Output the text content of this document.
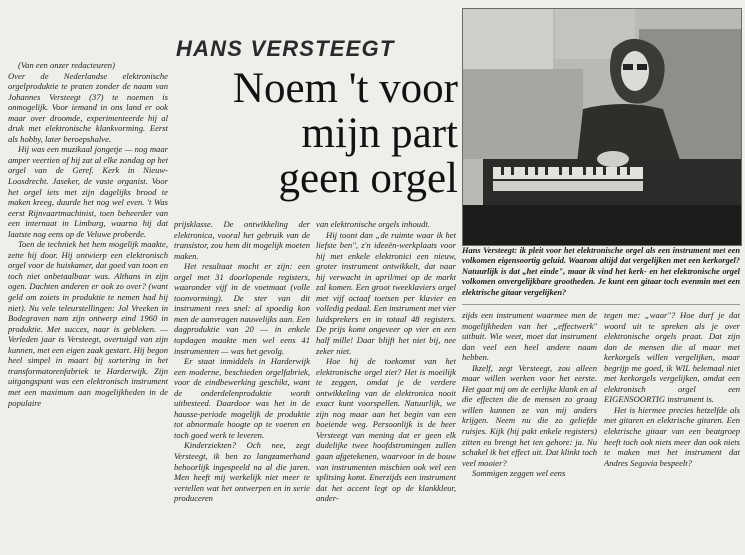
(Van een onzer redacteuren)

Over de Nederlandse elektronische orgelproduktie te praten zonder de naam van Johannes Versteegt (37) te noemen is onmogelijk. Voor iemand in ons land er ook maar over droomde, experimenteerde hij al druk met elektronische klankvorming. Eerst als hobby, later beroepshalve.

Hij was een muzikaal jongetje — nog maar amper veertien of hij zat al elke zondag op het orgel van de Geref. Kerk in Nieuw-Loosdrecht. Jaseker, de vaste organist. Voor het orgel iets met zijn dagelijks brood te maken kreeg, duurde het nog wel even. 't Was eerst Rijnvaartmachinist, toen beheerder van een internaat in Limburg, waarna hij dat laatste nog eens op de Veluwe proberde.

Toen de techniek het hem mogelijk maakte, zette hij door. Hij ontwierp een elektronisch orgel voor de huiskamer, dat goed van toon en toch niet onbetaalbaar was. Althans in zijn ogen. Dachten anderen er ook zo over? (want geld om zoiets in produktie te nemen had hij niet). Nu vele teleurstellingen: Jol Vreeken in Bodegraven nam zijn ontwerp eind 1960 in produktie. Met succes, naar is gebleken. — Verleden jaar is Versteegt, overtuigd van zijn kunnen, met een eigen zaak gestart. Hij begon heel simpel in maart bij sortering in het transformatorenfabriek te Harderwijk. Zijn uitgangspunt was een elektronisch instrument met een maximum aan mogelijkheden in de populaire

HANS VERSTEEGT
Noem 't voor
mijn part
geen orgel

prijsklasse. De ontwikkeling der elektronica, vooral het gebruik van de transistor, zou hem dit mogelijk moeten maken.

Het resultaat mocht er zijn: een orgel met 31 doorlopende registers, waaronder vijf in de voetmaat (volle toonvorming). De ster van dit instrument rees snel: al spoedig kon men de aanvragen nauwelijks aan. Een dagproduktie van 20 — in enkele topdagen maakte men wel eens 41 instrumenten — was het gevolg.

Er staat inmiddels in Harderwijk een moderne, beschieden orgelfabriek, voor de eindbewerking geschikt, want de onderdelenproduktie wordt uitbesteed. Daardoor was het in de hausse-periode mogelijk de produktie tot abnormale hoogte op te voeren en toch goed werk te leveren.

Kinderziekten? Och nee, zegt Versteegt, ik ben zo langzamerhand behoorlijk ingespeeld na al die jaren. Men heeft mij werkelijk niet meer te vertellen wat het ontwerpen en in serie produceren

van elektronische orgels inhoudt.

Hij toont dan „de ruimte waar ik het liefste ben", z'n ideeën-werkplaats voor hij met enkele elektronici een nieuw, groter instrument ontwikkelt, dat naar hij verwacht in april/mei op de markt zal komen. Een groot tweeklaviers orgel met vijf octaaf toetsen per klavier en volledig pedaal. Een instrument met vier luidsprekers en in totaal 48 registers. De prijs komt ongeveer op vier en een half mille! Daar blijft het niet bij, nee zeker niet.

Hoe hij de toekomst van het elektronische orgel ziet? Het is moeilijk te zeggen, omdat je de verdere ontwikkeling van de elektronica nooit exact kunt voorspellen. Natuurlijk, we zijn nog maar aan het begin van een boeiende weg. Persoonlijk is de heer Versteegt van mening dat er geen elk dudelijke twee hoofdstromingen zullen gaan afgetekenen, waarvoor in de bouw van instrumenten mischien ook wel een splitsing komt. Enerzijds een instrument dat het accent legt op de klankkleur, ander-

Hans Versteegt: ik pleit voor het elektronische orgel als een instrument met een volkomen eigensoortig geluid. Waarom altijd dat vergelijken met een kerkorgel? Natuurlijk is dat „het einde", maar ik vind het kerk- en het elektronische orgel volkomen onvergelijkbare grootheden. Je kunt een gitaar toch evenmin met een elektrische gitaar vergelijken?

zijds een instrument waarmee men de mogelijkheden van het „effectwerk" uitbuit. Wie weet, moet dat instrument dan veel een heel andere naam hebben.

Ikzelf, zegt Versteegt, zou alleen maar willen werken voor het eerste. Het gaat mij om de eerlijke klank en al die effecten die de mensen zo graag willen kunnen ze van mij anders krijgen. Neem nu die zo geliefde ruisjes. Kijk (hij pakt enkele registers) zitten eu brengt het ten gehore: ja. Nu schakel ik het effect uit. Dat klinkt toch veel mooier?

Sommigen zeggen wel eens

tegen me: „waar"? Hoe durf je dat woord uit te spreken als je over elektronische orgels praat. Dat zijn dan de mensen die al maar met kerkorgels willen vergelijken, maar begrijp me goed, ik WIL helemaal niet met kerkorgels vergelijken, omdat een elektronisch orgel een EIGENSOORTIG instrument is.

Het is hiermee precies hetzelfde als met gitaren en elektrische gitaren. Een elektrische gitaar van een beatgroep heeft toch ook niets meer dan ook niets te maken met het instrument dat Andres Segovia bespeelt?
